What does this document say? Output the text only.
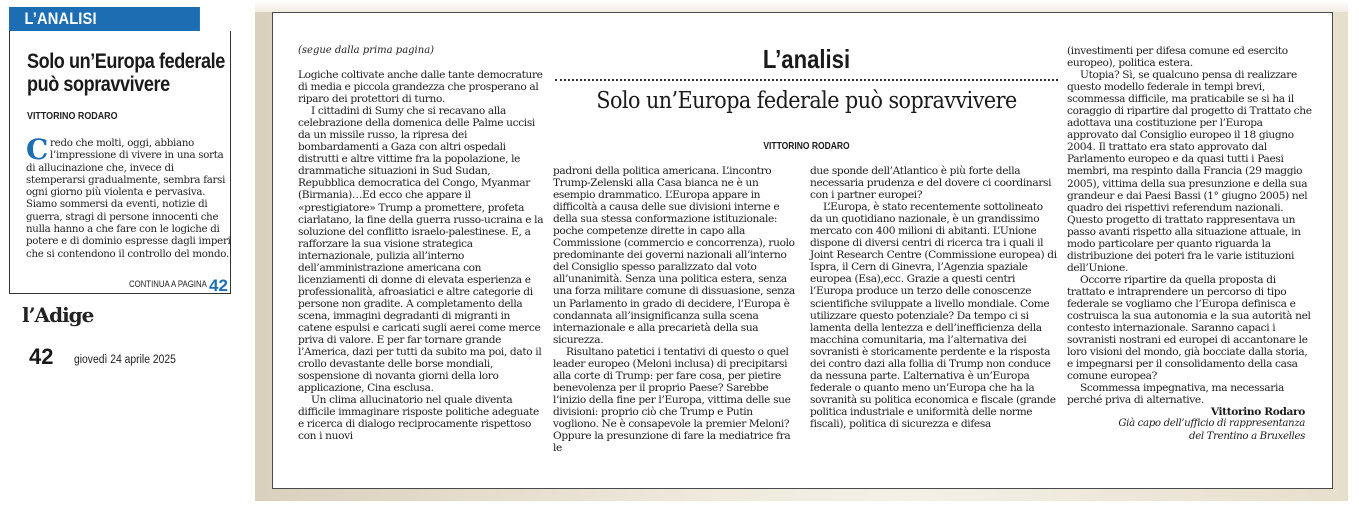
L’ANALISI
Solo un’Europa federale
può sopravvivere
VITTORINO RODARO
C redo che molti, oggi, abbiano l’impressione di vivere in una sorta di allucinazione che, invece di stemperarsi gradualmente, sembra farsi ogni giorno più violenta e pervasiva. Siamo sommersi da eventi, notizie di guerra, stragi di persone innocenti che nulla hanno a che fare con le logiche di potere e di dominio espresse dagli imperi che si contendono il controllo del mondo.
CONTINUA A PAGINA 42
l’Adige
42 giovedì 24 aprile 2025
(segue dalla prima pagina)	L’analisi
Solo un’Europa federale può sopravvivere
VITTORINO RODARO

Logiche coltivate anche dalle tante democrature di media e piccola grandezza che prosperano al riparo dei protettori di turno.

I cittadini di Sumy che si recavano alla celebrazione della domenica delle Palme uccisi da un missile russo, la ripresa dei bombardamenti a Gaza con altri ospedali distrutti e altre vittime fra la popolazione, le drammatiche situazioni in Sud Sudan, Repubblica democratica del Congo, Myanmar (Birmania)…Ed ecco che appare il «prestigiatore» Trump a promettere, profeta ciarlatano, la fine della guerra russo-ucraina e la soluzione del conflitto israelo-palestinese. E, a rafforzare la sua visione strategica internazionale, pulizia all’interno dell’amministrazione americana con licenziamenti di donne di elevata esperienza e professionalità, afroasiatici e altre categorie di persone non gradite. A completamento della scena, immagini degradanti di migranti in catene espulsi e caricati sugli aerei come merce priva di valore. E per far tornare grande l’America, dazi per tutti da subito ma poi, dato il crollo devastante delle borse mondiali, sospensione di novanta giorni della loro applicazione, Cina esclusa.

Un clima allucinatorio nel quale diventa difficile immaginare risposte politiche adeguate e ricerca di dialogo reciprocamente rispettoso con i nuovi

padroni della politica americana. L’incontro Trump-Zelenski alla Casa bianca ne è un esempio drammatico. L’Europa appare in difficoltà a causa delle sue divisioni interne e della sua stessa conformazione istituzionale: poche competenze dirette in capo alla Commissione (commercio e concorrenza), ruolo predominante dei governi nazionali all’interno del Consiglio spesso paralizzato dal voto all’unanimità. Senza una politica estera, senza una forza militare comune di dissuasione, senza un Parlamento in grado di decidere, l’Europa è condannata all’insignificanza sulla scena internazionale e alla precarietà della sua sicurezza.

Risultano patetici i tentativi di questo o quel leader europeo (Meloni inclusa) di precipitarsi alla corte di Trump: per fare cosa, per pietire benevolenza per il proprio Paese? Sarebbe l’inizio della fine per l’Europa, vittima delle sue divisioni: proprio ciò che Trump e Putin vogliono. Ne è consapevole la premier Meloni? Oppure la presunzione di fare la mediatrice fra le

due sponde dell’Atlantico è più forte della necessaria prudenza e del dovere ci coordinarsi con i partner europei?

L’Europa, è stato recentemente sottolineato da un quotidiano nazionale, è un grandissimo mercato con 400 milioni di abitanti. L’Unione dispone di diversi centri di ricerca tra i quali il Joint Research Centre (Commissione europea) di Ispra, il Cern di Ginevra, l’Agenzia spaziale europea (Esa),ecc. Grazie a questi centri l’Europa produce un terzo delle conoscenze scientifiche sviluppate a livello mondiale. Come utilizzare questo potenziale? Da tempo ci si lamenta della lentezza e dell’inefficienza della macchina comunitaria, ma l’alternativa dei sovranisti è storicamente perdente e la risposta dei contro dazi alla follia di Trump non conduce da nessuna parte. L’alternativa è un’Europa federale o quanto meno un’Europa che ha la sovranità su politica economica e fiscale (grande politica industriale e uniformità delle norme fiscali), politica di sicurezza e difesa

(investimenti per difesa comune ed esercito europeo), politica estera.

Utopia? Sì, se qualcuno pensa di realizzare questo modello federale in tempi brevi, scommessa difficile, ma praticabile se si ha il coraggio di ripartire dal progetto di Trattato che adottava una costituzione per l’Europa approvato dal Consiglio europeo il 18 giugno 2004. Il trattato era stato approvato dal Parlamento europeo e da quasi tutti i Paesi membri, ma respinto dalla Francia (29 maggio 2005), vittima della sua presunzione e della sua grandeur e dai Paesi Bassi (1° giugno 2005) nel quadro dei rispettivi referendum nazionali. Questo progetto di trattato rappresentava un passo avanti rispetto alla situazione attuale, in modo particolare per quanto riguarda la distribuzione dei poteri fra le varie istituzioni dell’Unione.

Occorre ripartire da quella proposta di trattato e intraprendere un percorso di tipo federale se vogliamo che l’Europa definisca e costruisca la sua autonomia e la sua autorità nel contesto internazionale. Saranno capaci i sovranisti nostrani ed europei di accantonare le loro visioni del mondo, già bocciate dalla storia, e impegnarsi per il consolidamento della casa comune europea?

Scommessa impegnativa, ma necessaria perché priva di alternative.

Vittorino Rodaro
Già capo dell’ufficio di rappresentanza
del Trentino a Bruxelles
